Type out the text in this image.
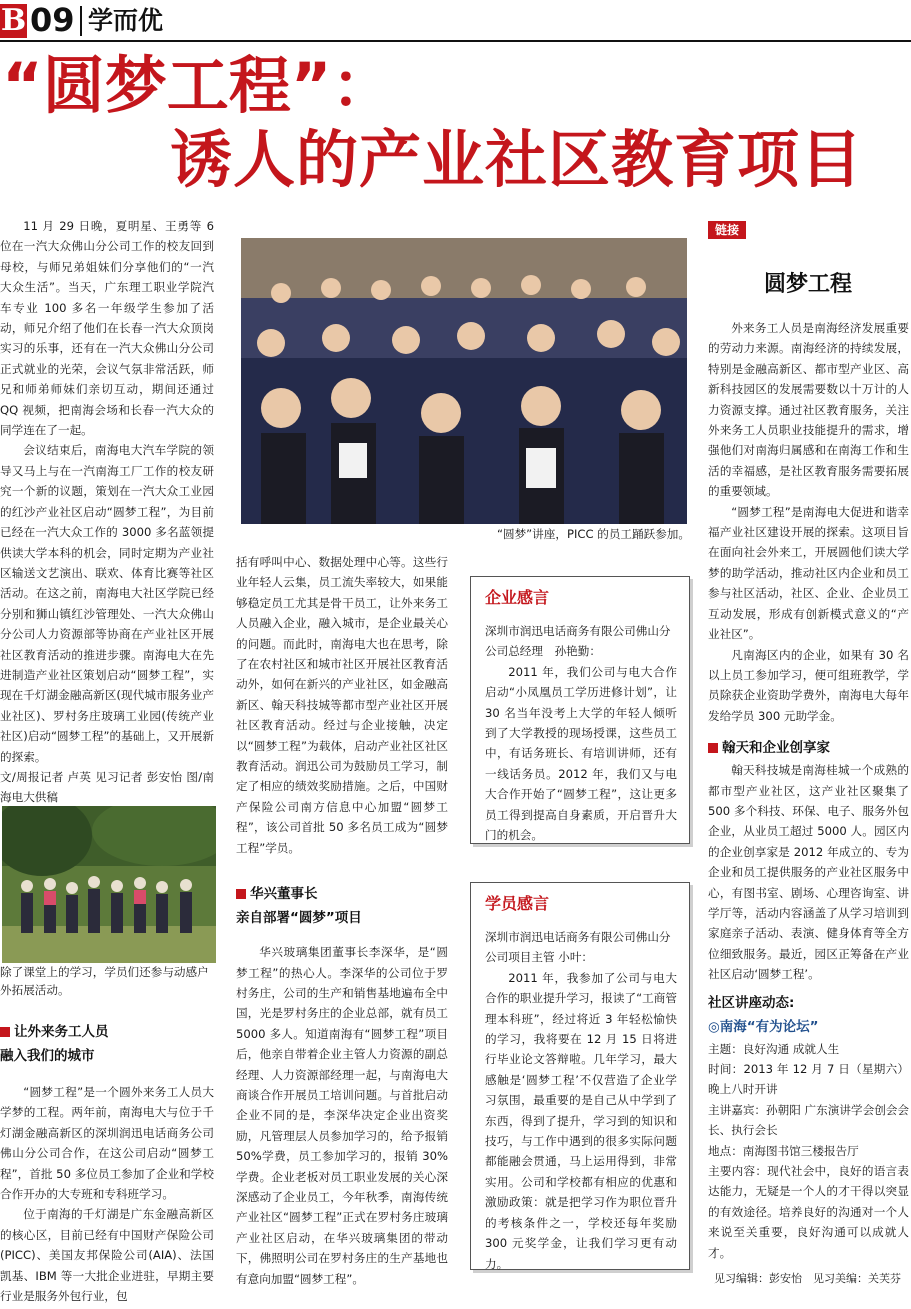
B 09 学而优
“圆梦工程”：
诱人的产业社区教育项目

11 月 29 日晚，夏明星、王勇等 6 位在一汽大众佛山分公司工作的校友回到母校，与师兄弟姐妹们分享他们的“一汽大众生活”。当天，广东理工职业学院汽车专业 100 多名一年级学生参加了活动，师兄介绍了他们在长春一汽大众顶岗实习的乐事，还有在一汽大众佛山分公司正式就业的光荣，会议气氛非常活跃，师兄和师弟师妹们亲切互动，期间还通过 QQ 视频，把南海会场和长春一汽大众的同学连在了一起。

会议结束后，南海电大汽车学院的领导又马上与在一汽南海工厂工作的校友研究一个新的议题，策划在一汽大众工业园的红沙产业社区启动“圆梦工程”，为目前已经在一汽大众工作的 3000 多名蓝领提供读大学本科的机会，同时定期为产业社区输送文艺演出、联欢、体育比赛等社区活动。在这之前，南海电大社区学院已经分别和狮山镇红沙管理处、一汽大众佛山分公司人力资源部等协商在产业社区开展社区教育活动的推进步骤。南海电大在先进制造产业社区策划启动“圆梦工程”，实现在千灯湖金融高新区(现代城市服务业产业社区)、罗村务庄玻璃工业园(传统产业社区)启动“圆梦工程”的基础上，又开展新的探索。

文/周报记者 卢英 见习记者 彭安怡 图/南海电大供稿

除了课堂上的学习，学员们还参与动感户外拓展活动。

让外来务工人员

融入我们的城市

“圆梦工程”是一个圆外来务工人员大学梦的工程。两年前，南海电大与位于千灯湖金融高新区的深圳润迅电话商务公司佛山分公司合作，在这公司启动“圆梦工程”，首批 50 多位员工参加了企业和学校合作开办的大专班和专科班学习。

位于南海的千灯湖是广东金融高新区的核心区，目前已经有中国财产保险公司(PICC)、美国友邦保险公司(AIA)、法国凯基、IBM 等一大批企业进驻，早期主要行业是服务外包行业，包

“圆梦”讲座，PICC 的员工踊跃参加。

括有呼叫中心、数据处理中心等。这些行业年轻人云集，员工流失率较大，如果能够稳定员工尤其是骨干员工，让外来务工人员融入企业，融入城市，是企业最关心的问题。而此时，南海电大也在思考，除了在农村社区和城市社区开展社区教育活动外，如何在新兴的产业社区，如金融高新区、翰天科技城等都市型产业社区开展社区教育活动。经过与企业接触，决定以“圆梦工程”为载体，启动产业社区社区教育活动。润迅公司为鼓励员工学习，制定了相应的绩效奖励措施。之后，中国财产保险公司南方信息中心加盟“圆梦工程”，该公司首批 50 多名员工成为“圆梦工程”学员。

华兴董事长

亲自部署“圆梦”项目

华兴玻璃集团董事长李深华，是“圆梦工程”的热心人。李深华的公司位于罗村务庄，公司的生产和销售基地遍布全中国，光是罗村务庄的企业总部，就有员工 5000 多人。知道南海有“圆梦工程”项目后，他亲自带着企业主管人力资源的副总经理、人力资源部经理一起，与南海电大商谈合作开展员工培训问题。与首批启动企业不同的是，李深华决定企业出资奖励，凡管理层人员参加学习的，给予报销 50%学费，员工参加学习的，报销 30%学费。企业老板对员工职业发展的关心深深感动了企业员工，今年秋季，南海传统产业社区“圆梦工程”正式在罗村务庄玻璃产业社区启动，在华兴玻璃集团的带动下，佛照明公司在罗村务庄的生产基地也有意向加盟“圆梦工程”。

企业感言

深圳市润迅电话商务有限公司佛山分公司总经理　孙艳勤：

2011 年，我们公司与电大合作启动“小凤凰员工学历进修计划”，让 30 名当年没考上大学的年轻人倾听到了大学教授的现场授课，这些员工中，有话务班长、有培训讲师，还有一线话务员。2012 年，我们又与电大合作开始了“圆梦工程”，这让更多员工得到提高自身素质，开启晋升大门的机会。

学员感言

深圳市润迅电话商务有限公司佛山分公司项目主管 小叶：

2011 年，我参加了公司与电大合作的职业提升学习，报读了“工商管理本科班”，经过将近 3 年轻松愉快的学习，我将要在 12 月 15 日将进行毕业论文答辩啦。几年学习，最大感触是‘圆梦工程’不仅营造了企业学习氛围，最重要的是自己从中学到了东西，得到了提升，学习到的知识和技巧，与工作中遇到的很多实际问题都能融会贯通，马上运用得到，非常实用。公司和学校都有相应的优惠和激励政策：就是把学习作为职位晋升的考核条件之一，学校还每年奖励 300 元奖学金，让我们学习更有动力。

链接
圆梦工程

外来务工人员是南海经济发展重要的劳动力来源。南海经济的持续发展，特别是金融高新区、都市型产业区、高新科技园区的发展需要数以十万计的人力资源支撑。通过社区教育服务，关注外来务工人员职业技能提升的需求，增强他们对南海归属感和在南海工作和生活的幸福感，是社区教育服务需要拓展的重要领域。

“圆梦工程”是南海电大促进和谐幸福产业社区建设开展的探索。这项目旨在面向社会外来工，开展圆他们读大学梦的助学活动，推动社区内企业和员工参与社区活动，社区、企业、企业员工互动发展，形成有创新模式意义的“产业社区”。

凡南海区内的企业，如果有 30 名以上员工参加学习，便可组班教学，学员除获企业资助学费外，南海电大每年发给学员 300 元助学金。

翰天和企业创享家

翰天科技城是南海桂城一个成熟的都市型产业社区，这产业社区聚集了 500 多个科技、环保、电子、服务外包企业，从业员工超过 5000 人。园区内的企业创享家是 2012 年成立的、专为企业和员工提供服务的产业社区服务中心，有图书室、剧场、心理咨询室、讲学厅等，活动内容涵盖了从学习培训到家庭亲子活动、表演、健身体育等全方位细致服务。最近，园区正筹备在产业社区启动‘圆梦工程’。

社区讲座动态:

◎南海“有为论坛”

主题：良好沟通 成就人生

时间：2013 年 12 月 7 日（星期六）晚上八时开讲

主讲嘉宾：孙朝阳 广东演讲学会创会会长、执行会长

地点：南海图书馆三楼报告厅

主要内容：现代社会中，良好的语言表达能力，无疑是一个人的才干得以突显的有效途径。培养良好的沟通对一个人来说至关重要，良好沟通可以成就人才。

见习编辑：彭安怡　见习美编：关芙芬
